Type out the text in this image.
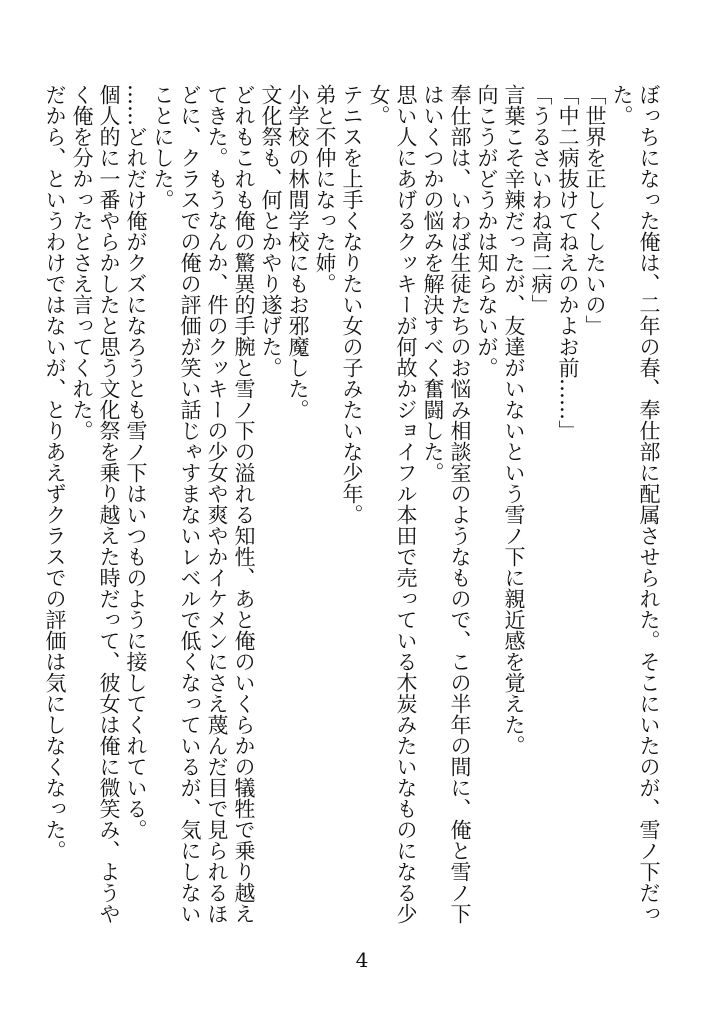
ぼっちになった俺は、二年の春、奉仕部に配属させられた。そこにいたのが、雪ノ下だった。

「世界を正しくしたいの」

「中二病抜けてねえのかよお前……」

「うるさいわね高二病」

言葉こそ辛辣だったが、友達がいないという雪ノ下に親近感を覚えた。

向こうがどうかは知らないが。

奉仕部は、いわば生徒たちのお悩み相談室のようなもので、この半年の間に、俺と雪ノ下はいくつかの悩みを解決すべく奮闘した。

思い人にあげるクッキーが何故かジョイフル本田で売っている木炭みたいなものになる少女。

テニスを上手くなりたい女の子みたいな少年。

弟と不仲になった姉。

小学校の林間学校にもお邪魔した。

文化祭も、何とかやり遂げた。

どれもこれも俺の驚異的手腕と雪ノ下の溢れる知性、あと俺のいくらかの犠牲で乗り越えてきた。もうなんか、件のクッキーの少女や爽やかイケメンにさえ蔑んだ目で見られるほどに、クラスでの俺の評価が笑い話じゃすまないレベルで低くなっているが、気にしないことにした。

……どれだけ俺がクズになろうとも雪ノ下はいつものように接してくれている。

個人的に一番やらかしたと思う文化祭を乗り越えた時だって、彼女は俺に微笑み、ようやく俺を分かったとさえ言ってくれた。

だから、というわけではないが、とりあえずクラスでの評価は気にしなくなった。

4
